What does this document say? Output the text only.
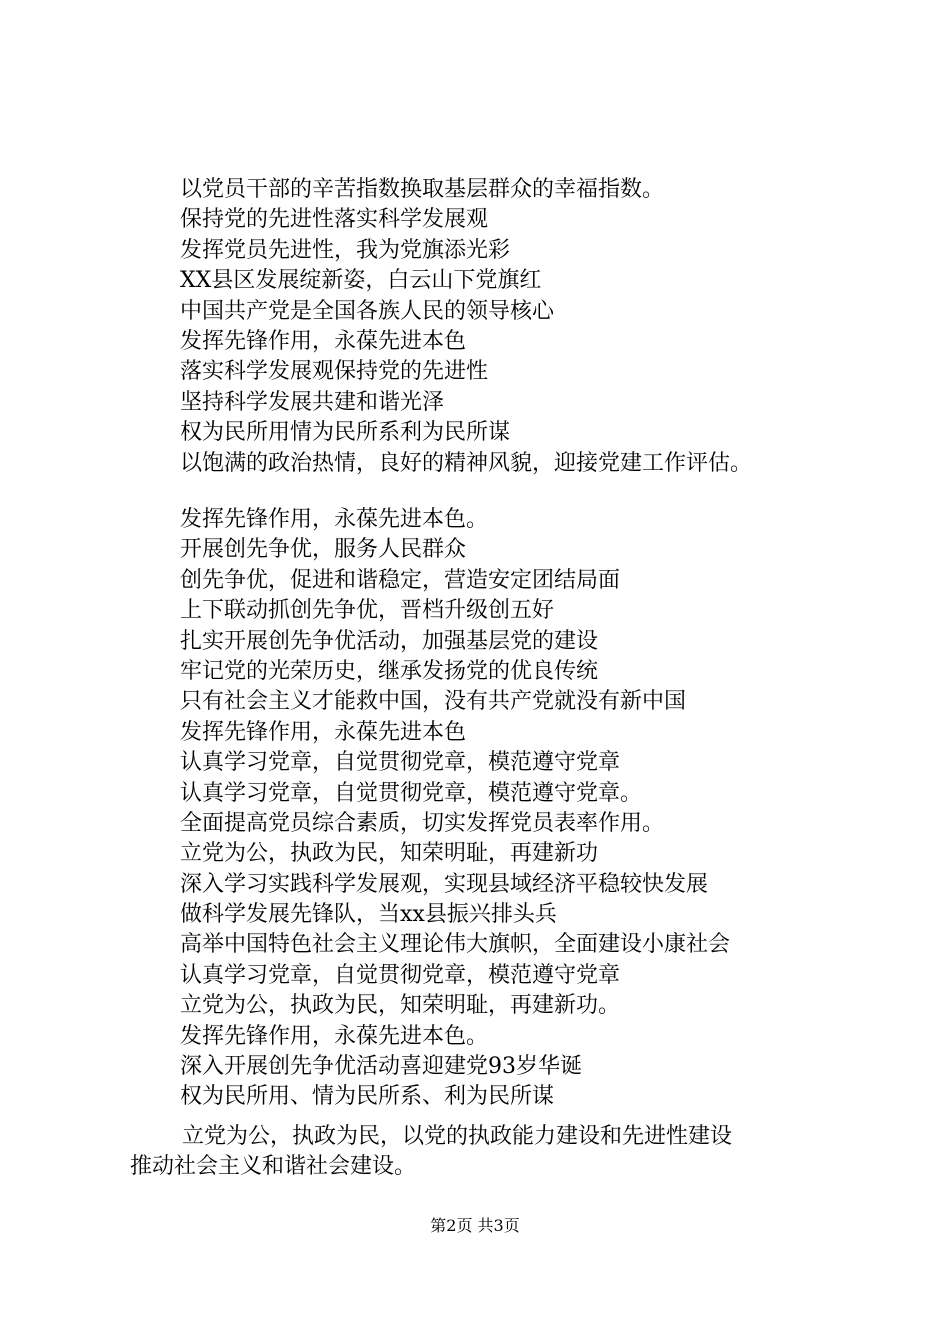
以党员干部的辛苦指数换取基层群众的幸福指数。
保持党的先进性落实科学发展观
发挥党员先进性，我为党旗添光彩
XX县区发展绽新姿，白云山下党旗红
中国共产党是全国各族人民的领导核心
发挥先锋作用，永葆先进本色
落实科学发展观保持党的先进性
坚持科学发展共建和谐光泽
权为民所用情为民所系利为民所谋
以饱满的政治热情，良好的精神风貌，迎接党建工作评估。
发挥先锋作用，永葆先进本色。
开展创先争优，服务人民群众
创先争优，促进和谐稳定，营造安定团结局面
上下联动抓创先争优，晋档升级创五好
扎实开展创先争优活动，加强基层党的建设
牢记党的光荣历史，继承发扬党的优良传统
只有社会主义才能救中国，没有共产党就没有新中国
发挥先锋作用，永葆先进本色
认真学习党章，自觉贯彻党章，模范遵守党章
认真学习党章，自觉贯彻党章，模范遵守党章。
全面提高党员综合素质，切实发挥党员表率作用。
立党为公，执政为民，知荣明耻，再建新功
深入学习实践科学发展观，实现县域经济平稳较快发展
做科学发展先锋队，当xx县振兴排头兵
高举中国特色社会主义理论伟大旗帜，全面建设小康社会
认真学习党章，自觉贯彻党章，模范遵守党章
立党为公，执政为民，知荣明耻，再建新功。
发挥先锋作用，永葆先进本色。
深入开展创先争优活动喜迎建党93岁华诞
权为民所用、情为民所系、利为民所谋
立党为公，执政为民，以党的执政能力建设和先进性建设
推动社会主义和谐社会建设。
第2页 共3页
